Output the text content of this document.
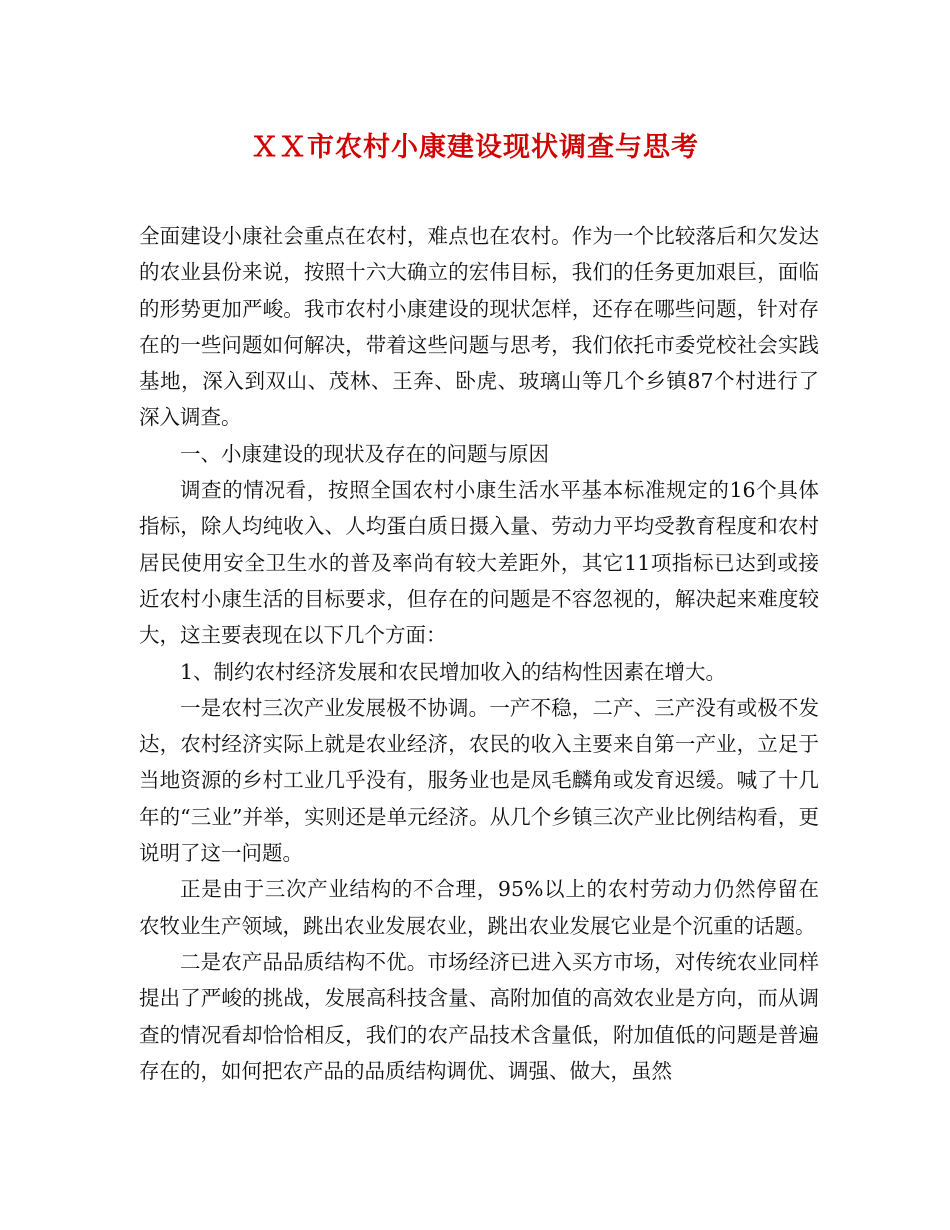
ＸＸ市农村小康建设现状调查与思考

全面建设小康社会重点在农村，难点也在农村。作为一个比较落后和欠发达的农业县份来说，按照十六大确立的宏伟目标，我们的任务更加艰巨，面临的形势更加严峻。我市农村小康建设的现状怎样，还存在哪些问题，针对存在的一些问题如何解决，带着这些问题与思考，我们依托市委党校社会实践基地，深入到双山、茂林、王奔、卧虎、玻璃山等几个乡镇87个村进行了深入调查。

一、小康建设的现状及存在的问题与原因

调查的情况看，按照全国农村小康生活水平基本标准规定的16个具体指标，除人均纯收入、人均蛋白质日摄入量、劳动力平均受教育程度和农村居民使用安全卫生水的普及率尚有较大差距外，其它11项指标已达到或接近农村小康生活的目标要求，但存在的问题是不容忽视的，解决起来难度较大，这主要表现在以下几个方面：

1、制约农村经济发展和农民增加收入的结构性因素在增大。

一是农村三次产业发展极不协调。一产不稳，二产、三产没有或极不发达，农村经济实际上就是农业经济，农民的收入主要来自第一产业，立足于当地资源的乡村工业几乎没有，服务业也是凤毛麟角或发育迟缓。喊了十几年的“三业”并举，实则还是单元经济。从几个乡镇三次产业比例结构看，更说明了这一问题。

正是由于三次产业结构的不合理，95%以上的农村劳动力仍然停留在农牧业生产领域，跳出农业发展农业，跳出农业发展它业是个沉重的话题。

二是农产品品质结构不优。市场经济已进入买方市场，对传统农业同样提出了严峻的挑战，发展高科技含量、高附加值的高效农业是方向，而从调查的情况看却恰恰相反，我们的农产品技术含量低，附加值低的问题是普遍存在的，如何把农产品的品质结构调优、调强、做大，虽然
